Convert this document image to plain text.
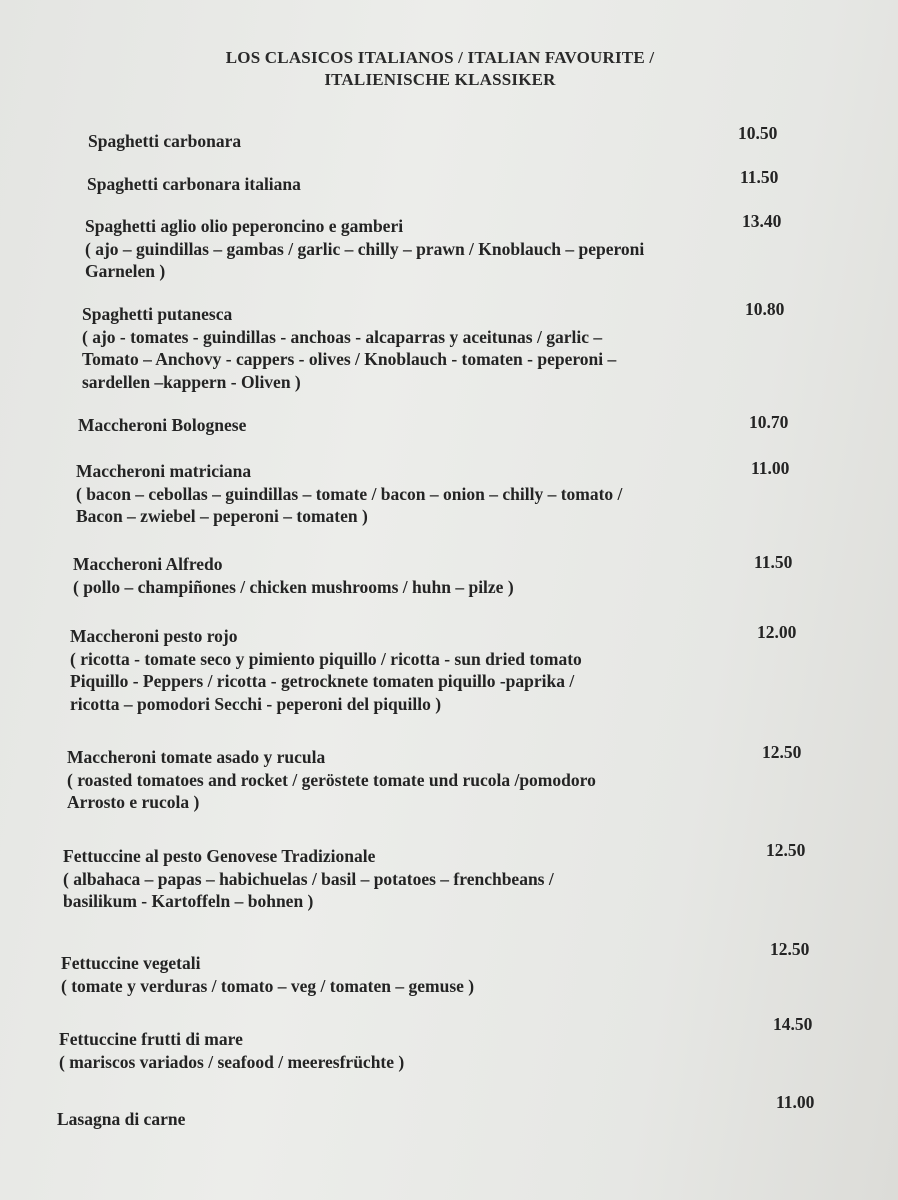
LOS CLASICOS ITALIANOS / ITALIAN FAVOURITE /
ITALIENISCHE KLASSIKER
Spaghetti carbonara	10.50
Spaghetti carbonara italiana	11.50
Spaghetti aglio olio peperoncino e gamberi
( ajo – guindillas – gambas / garlic – chilly – prawn / Knoblauch – peperoni
Garnelen )
13.40
Spaghetti putanesca
( ajo - tomates - guindillas - anchoas - alcaparras y aceitunas / garlic –
Tomato – Anchovy - cappers - olives / Knoblauch - tomaten - peperoni –
sardellen –kappern - Oliven )
10.80
Maccheroni Bolognese	10.70
Maccheroni matriciana
( bacon – cebollas – guindillas – tomate / bacon – onion – chilly – tomato /
Bacon – zwiebel – peperoni – tomaten )
11.00
Maccheroni Alfredo
( pollo – champiñones / chicken mushrooms / huhn – pilze )
11.50
Maccheroni pesto rojo
( ricotta - tomate seco y pimiento piquillo / ricotta - sun dried tomato
Piquillo - Peppers / ricotta - getrocknete tomaten piquillo -paprika /
ricotta – pomodori Secchi - peperoni del piquillo )
12.00
Maccheroni tomate asado y rucula
( roasted tomatoes and rocket / geröstete tomate und rucola /pomodoro
Arrosto e rucola )
12.50
Fettuccine al pesto Genovese Tradizionale
( albahaca – papas – habichuelas / basil – potatoes – frenchbeans /
basilikum - Kartoffeln – bohnen )
12.50
Fettuccine vegetali
( tomate y verduras / tomato – veg / tomaten – gemuse )
12.50
Fettuccine frutti di mare
( mariscos variados / seafood / meeresfrüchte )
14.50
Lasagna di carne
11.00
